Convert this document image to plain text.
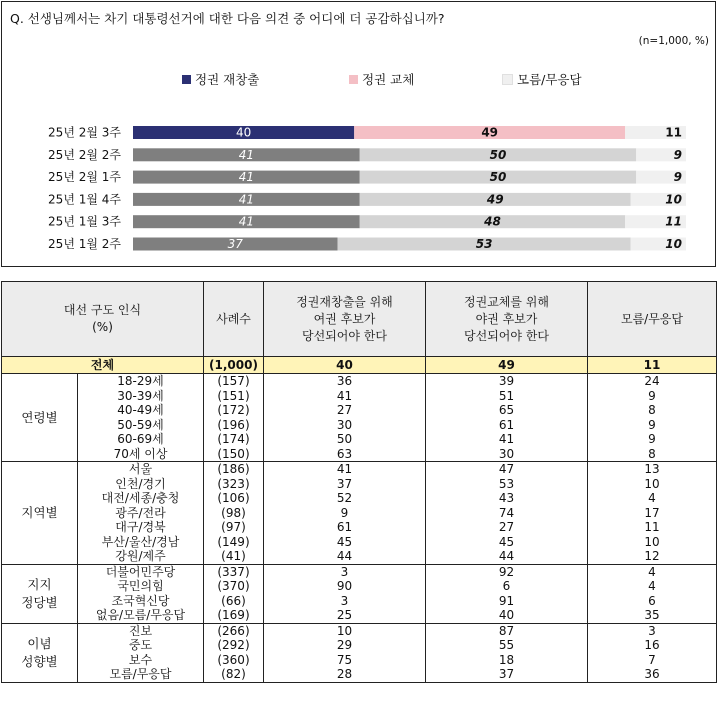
Q. 선생님께서는 차기 대통령선거에 대한 다음 의견 중 어디에 더 공감하십니까?
(n=1,000, %)
정권 재창출	정권 교체	모름/무응답
25년 2월 3주	40	49	11
25년 2월 2주	41	50	9
25년 2월 1주	41	50	9
25년 1월 4주	41	49	10
25년 1월 3주	41	48	11
25년 1월 2주	37	53	10
대선 구도 인식
(%)		사례수	정권재창출을 위해
여권 후보가
당선되어야 한다	정권교체를 위해
야권 후보가
당선되어야 한다	모름/무응답
전체		(1,000)	40	49	11
연령별	18-29세	(157)	36	39	24
	30-39세	(151)	41	51	9
	40-49세	(172)	27	65	8
	50-59세	(196)	30	61	9
	60-69세	(174)	50	41	9
	70세 이상	(150)	63	30	8
지역별	서울	(186)	41	47	13
	인천/경기	(323)	37	53	10
	대전/세종/충청	(106)	52	43	4
	광주/전라	(98)	9	74	17
	대구/경북	(97)	61	27	11
	부산/울산/경남	(149)	45	45	10
	강원/제주	(41)	44	44	12
지지
정당별	더불어민주당	(337)	3	92	4
	국민의힘	(370)	90	6	4
	조국혁신당	(66)	3	91	6
	없음/모름/무응답	(169)	25	40	35
이념
성향별	진보	(266)	10	87	3
	중도	(292)	29	55	16
	보수	(360)	75	18	7
	모름/무응답	(82)	28	37	36
